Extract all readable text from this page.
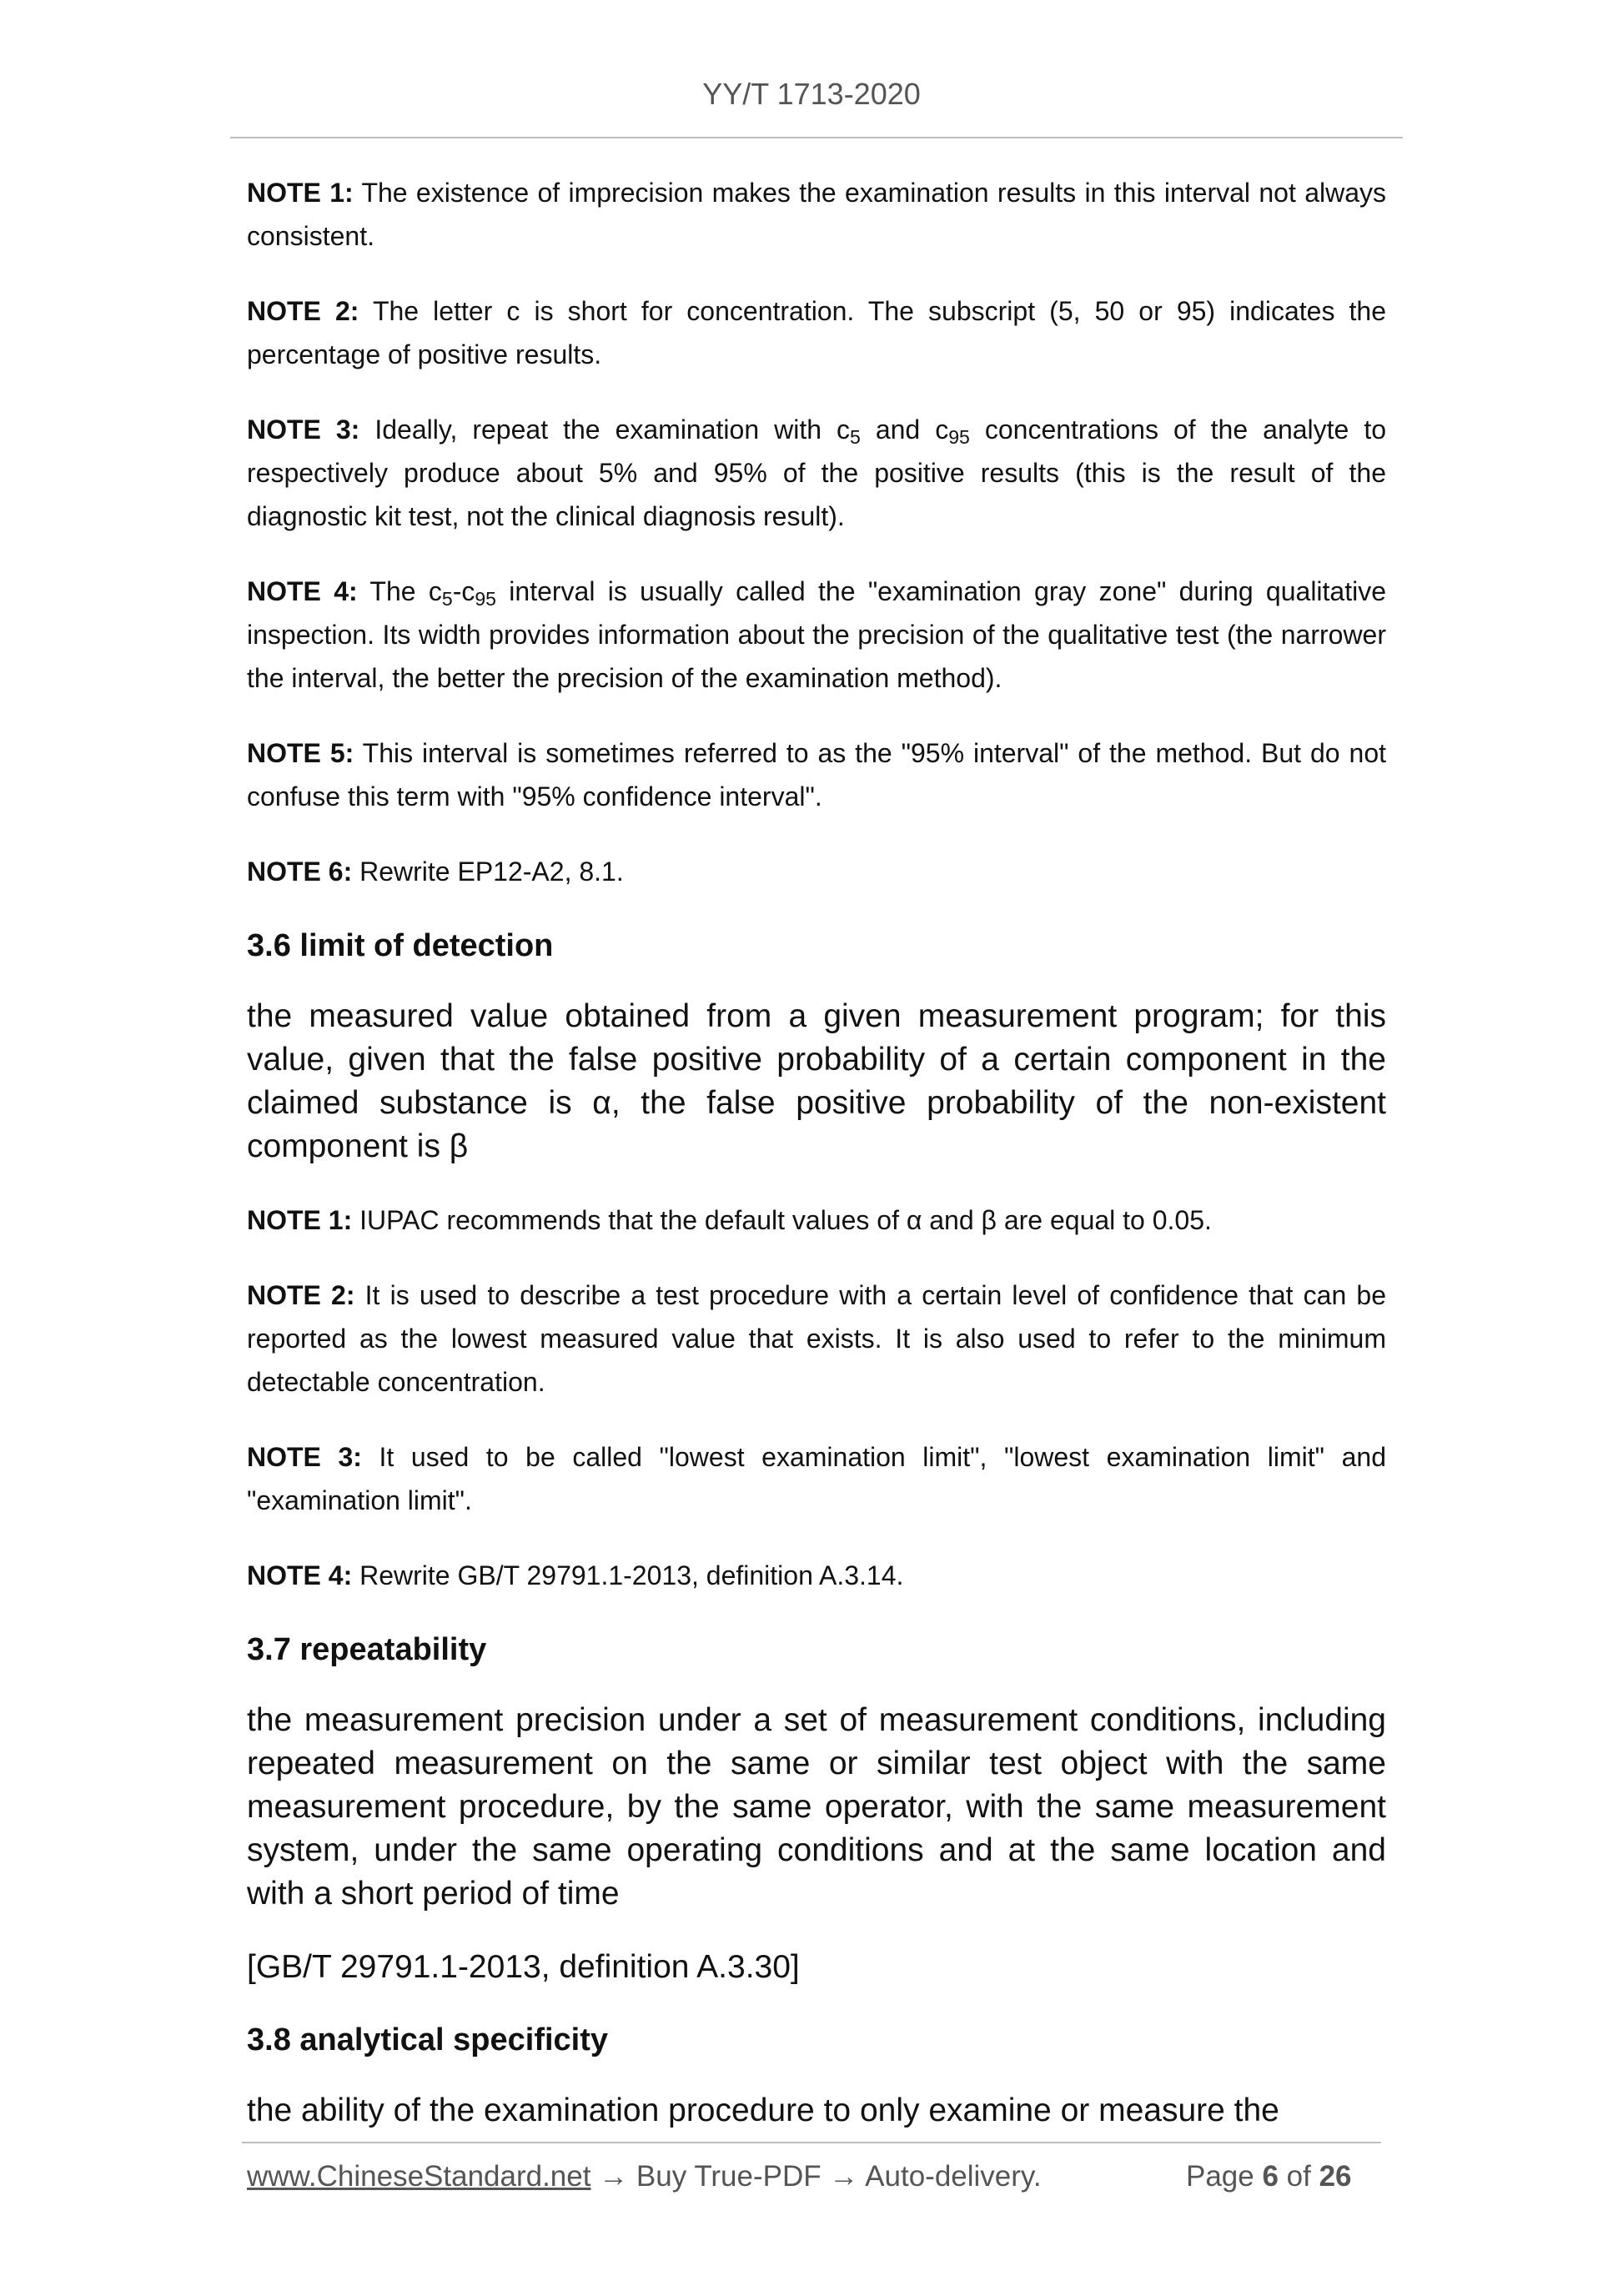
YY/T 1713-2020

NOTE 1: The existence of imprecision makes the examination results in this interval not always consistent.

NOTE 2: The letter c is short for concentration. The subscript (5, 50 or 95) indicates the percentage of positive results.

NOTE 3: Ideally, repeat the examination with $c_5$ and $c_{95}$ concentrations of the analyte to respectively produce about 5% and 95% of the positive results (this is the result of the diagnostic kit test, not the clinical diagnosis result).

NOTE 4: The $c_5-c_{95}$ interval is usually called the "examination gray zone" during qualitative inspection. Its width provides information about the precision of the qualitative test (the narrower the interval, the better the precision of the examination method).

NOTE 5: This interval is sometimes referred to as the "95% interval" of the method. But do not confuse this term with "95% confidence interval".

NOTE 6: Rewrite EP12-A2, 8.1.

3.6 limit of detection

the measured value obtained from a given measurement program; for this value, given that the false positive probability of a certain component in the claimed substance is α, the false positive probability of the non-existent component is β

NOTE 1: IUPAC recommends that the default values of α and β are equal to 0.05.

NOTE 2: It is used to describe a test procedure with a certain level of confidence that can be reported as the lowest measured value that exists. It is also used to refer to the minimum detectable concentration.

NOTE 3: It used to be called "lowest examination limit", "lowest examination limit" and "examination limit".

NOTE 4: Rewrite GB/T 29791.1-2013, definition A.3.14.

3.7 repeatability

the measurement precision under a set of measurement conditions, including repeated measurement on the same or similar test object with the same measurement procedure, by the same operator, with the same measurement system, under the same operating conditions and at the same location and with a short period of time

[GB/T 29791.1-2013, definition A.3.30]

3.8 analytical specificity

the ability of the examination procedure to only examine or measure the

www.ChineseStandard.net → Buy True-PDF → Auto-delivery.	Page 6 of 26
